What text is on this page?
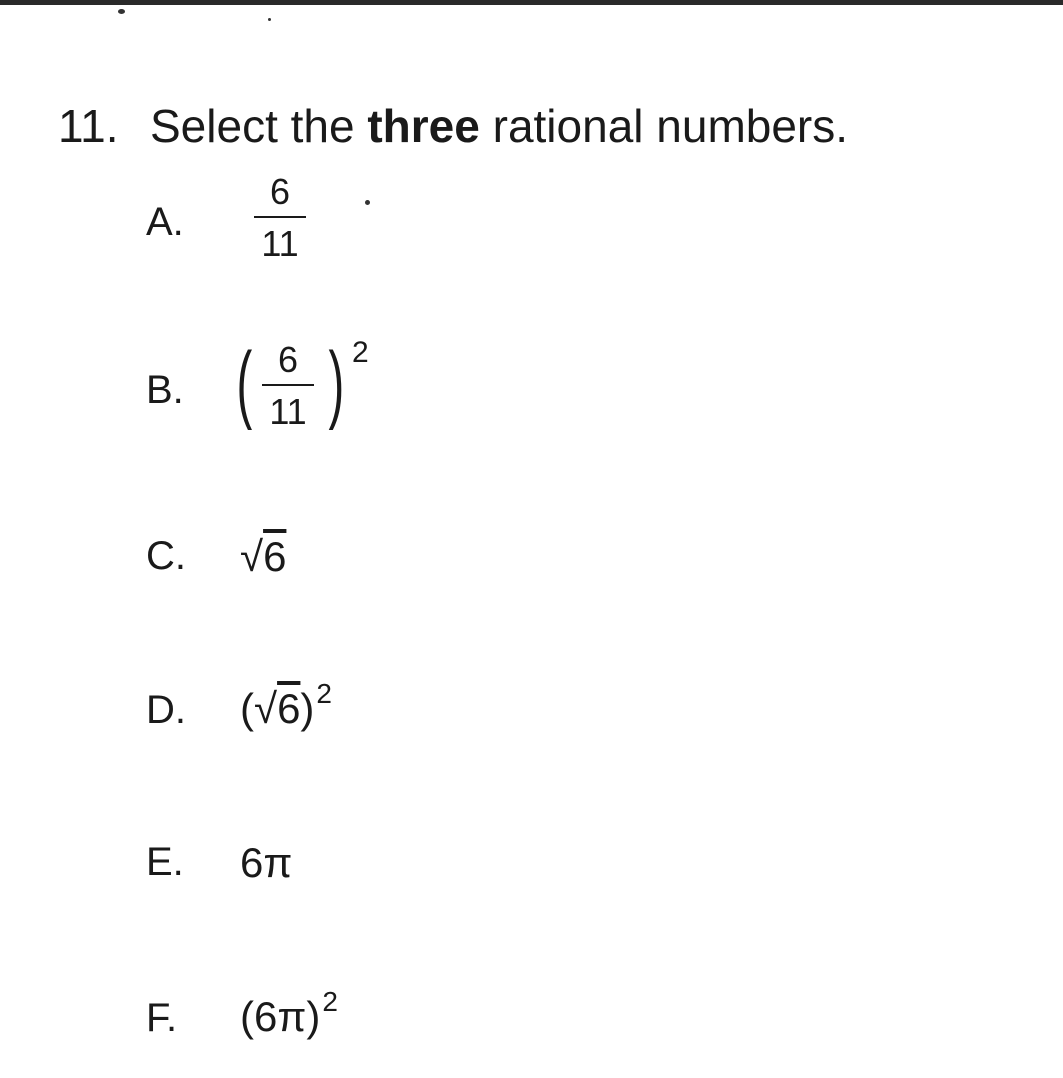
11. Select the three rational numbers.
A.
6
11
B. ( 6
11 ) 2
C. √6
D. $(√6)^2$
E. 6π
F. $(6\pi)^2$
